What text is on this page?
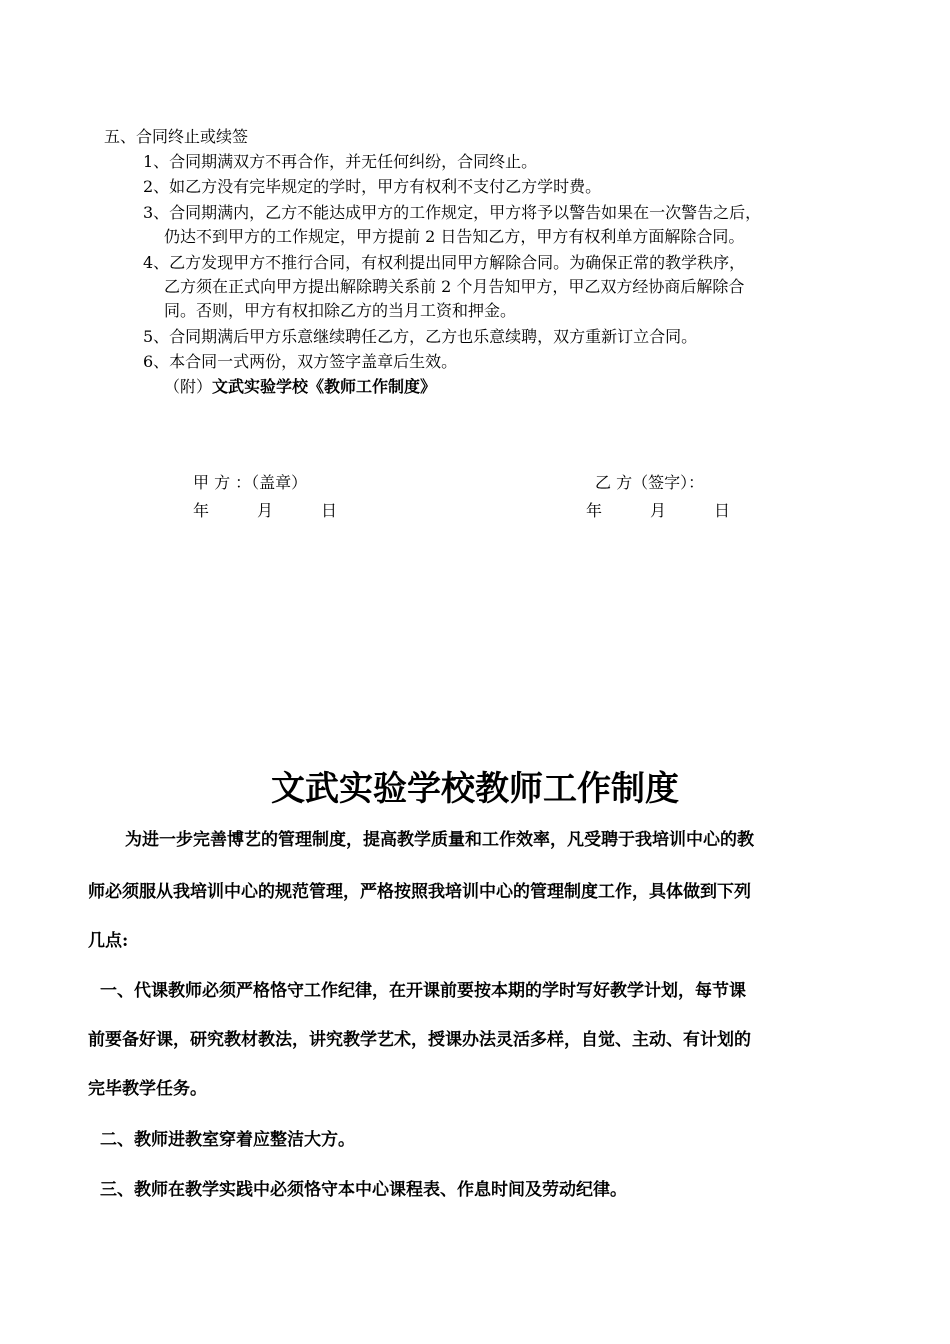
五、合同终止或续签
1、合同期满双方不再合作，并无任何纠纷，合同终止。
2、如乙方没有完毕规定的学时，甲方有权利不支付乙方学时费。
3、合同期满内，乙方不能达成甲方的工作规定，甲方将予以警告如果在一次警告之后，
仍达不到甲方的工作规定，甲方提前 2 日告知乙方，甲方有权利单方面解除合同。
4、乙方发现甲方不推行合同，有权利提出同甲方解除合同。为确保正常的教学秩序，
乙方须在正式向甲方提出解除聘关系前 2 个月告知甲方，甲乙双方经协商后解除合
同。否则，甲方有权扣除乙方的当月工资和押金。
5、合同期满后甲方乐意继续聘任乙方，乙方也乐意续聘，双方重新订立合同。
6、本合同一式两份，双方签字盖章后生效。
（附）文武实验学校《教师工作制度》
甲 方 ：（盖章）
年　　　月　　　日
乙 方（签字）：
年　　　月　　　日
文武实验学校教师工作制度
为进一步完善博艺的管理制度，提高教学质量和工作效率，凡受聘于我培训中心的教
师必须服从我培训中心的规范管理，严格按照我培训中心的管理制度工作，具体做到下列
几点:
一、代课教师必须严格恪守工作纪律，在开课前要按本期的学时写好教学计划，每节课
前要备好课，研究教材教法，讲究教学艺术，授课办法灵活多样，自觉、主动、有计划的
完毕教学任务。
二、教师进教室穿着应整洁大方。
三、教师在教学实践中必须恪守本中心课程表、作息时间及劳动纪律。
